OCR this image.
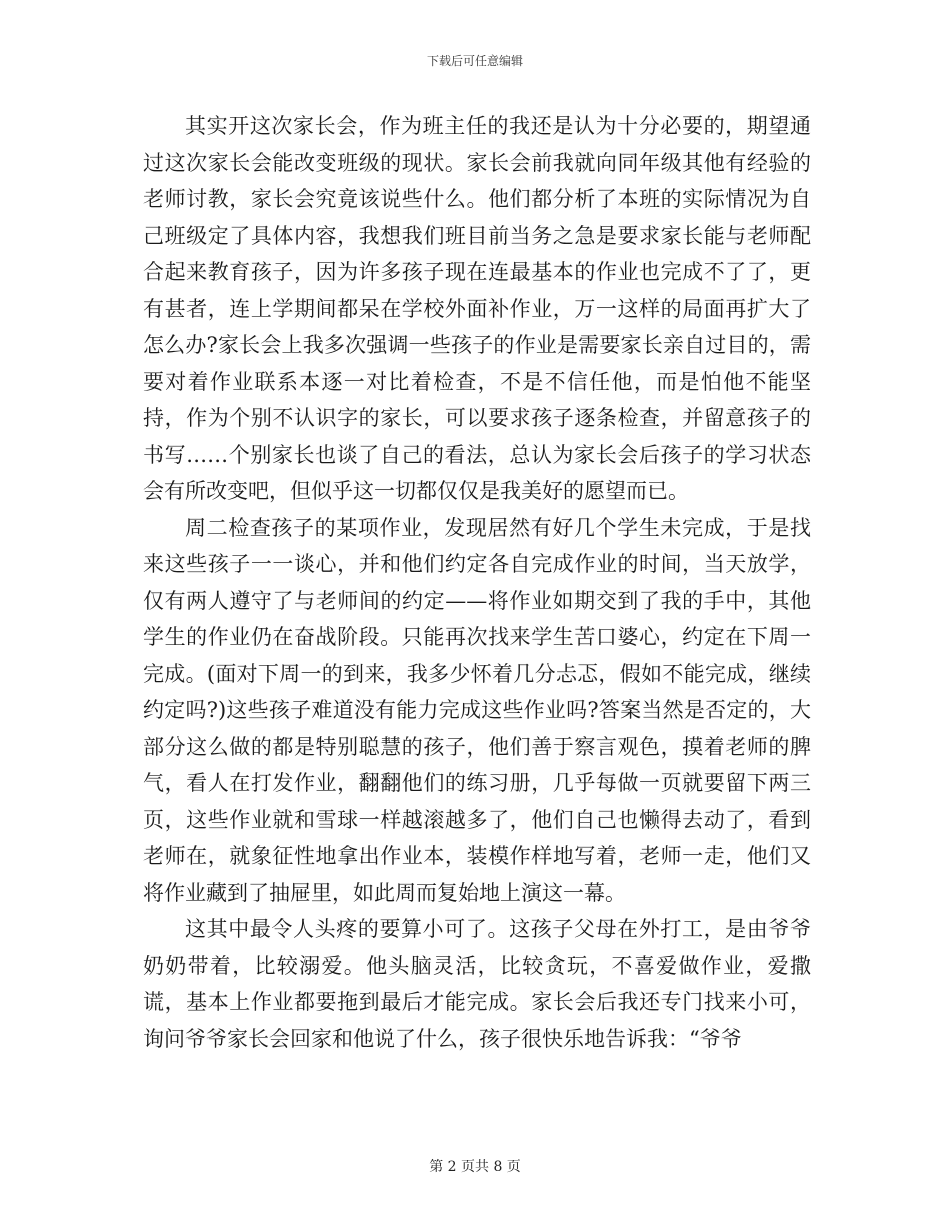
下载后可任意编辑

其实开这次家长会，作为班主任的我还是认为十分必要的，期望通过这次家长会能改变班级的现状。家长会前我就向同年级其他有经验的老师讨教，家长会究竟该说些什么。他们都分析了本班的实际情况为自己班级定了具体内容，我想我们班目前当务之急是要求家长能与老师配合起来教育孩子，因为许多孩子现在连最基本的作业也完成不了了，更有甚者，连上学期间都呆在学校外面补作业，万一这样的局面再扩大了怎么办?家长会上我多次强调一些孩子的作业是需要家长亲自过目的，需要对着作业联系本逐一对比着检查，不是不信任他，而是怕他不能坚持，作为个别不认识字的家长，可以要求孩子逐条检查，并留意孩子的书写……个别家长也谈了自己的看法，总认为家长会后孩子的学习状态会有所改变吧，但似乎这一切都仅仅是我美好的愿望而已。

周二检查孩子的某项作业，发现居然有好几个学生未完成，于是找来这些孩子一一谈心，并和他们约定各自完成作业的时间，当天放学，仅有两人遵守了与老师间的约定——将作业如期交到了我的手中，其他学生的作业仍在奋战阶段。只能再次找来学生苦口婆心，约定在下周一完成。(面对下周一的到来，我多少怀着几分忐忑，假如不能完成，继续约定吗?)这些孩子难道没有能力完成这些作业吗?答案当然是否定的，大部分这么做的都是特别聪慧的孩子，他们善于察言观色，摸着老师的脾气，看人在打发作业，翻翻他们的练习册，几乎每做一页就要留下两三页，这些作业就和雪球一样越滚越多了，他们自己也懒得去动了，看到老师在，就象征性地拿出作业本，装模作样地写着，老师一走，他们又将作业藏到了抽屉里，如此周而复始地上演这一幕。

这其中最令人头疼的要算小可了。这孩子父母在外打工，是由爷爷奶奶带着，比较溺爱。他头脑灵活，比较贪玩，不喜爱做作业，爱撒谎，基本上作业都要拖到最后才能完成。家长会后我还专门找来小可，询问爷爷家长会回家和他说了什么，孩子很快乐地告诉我：“爷爷

第 2 页共 8 页
